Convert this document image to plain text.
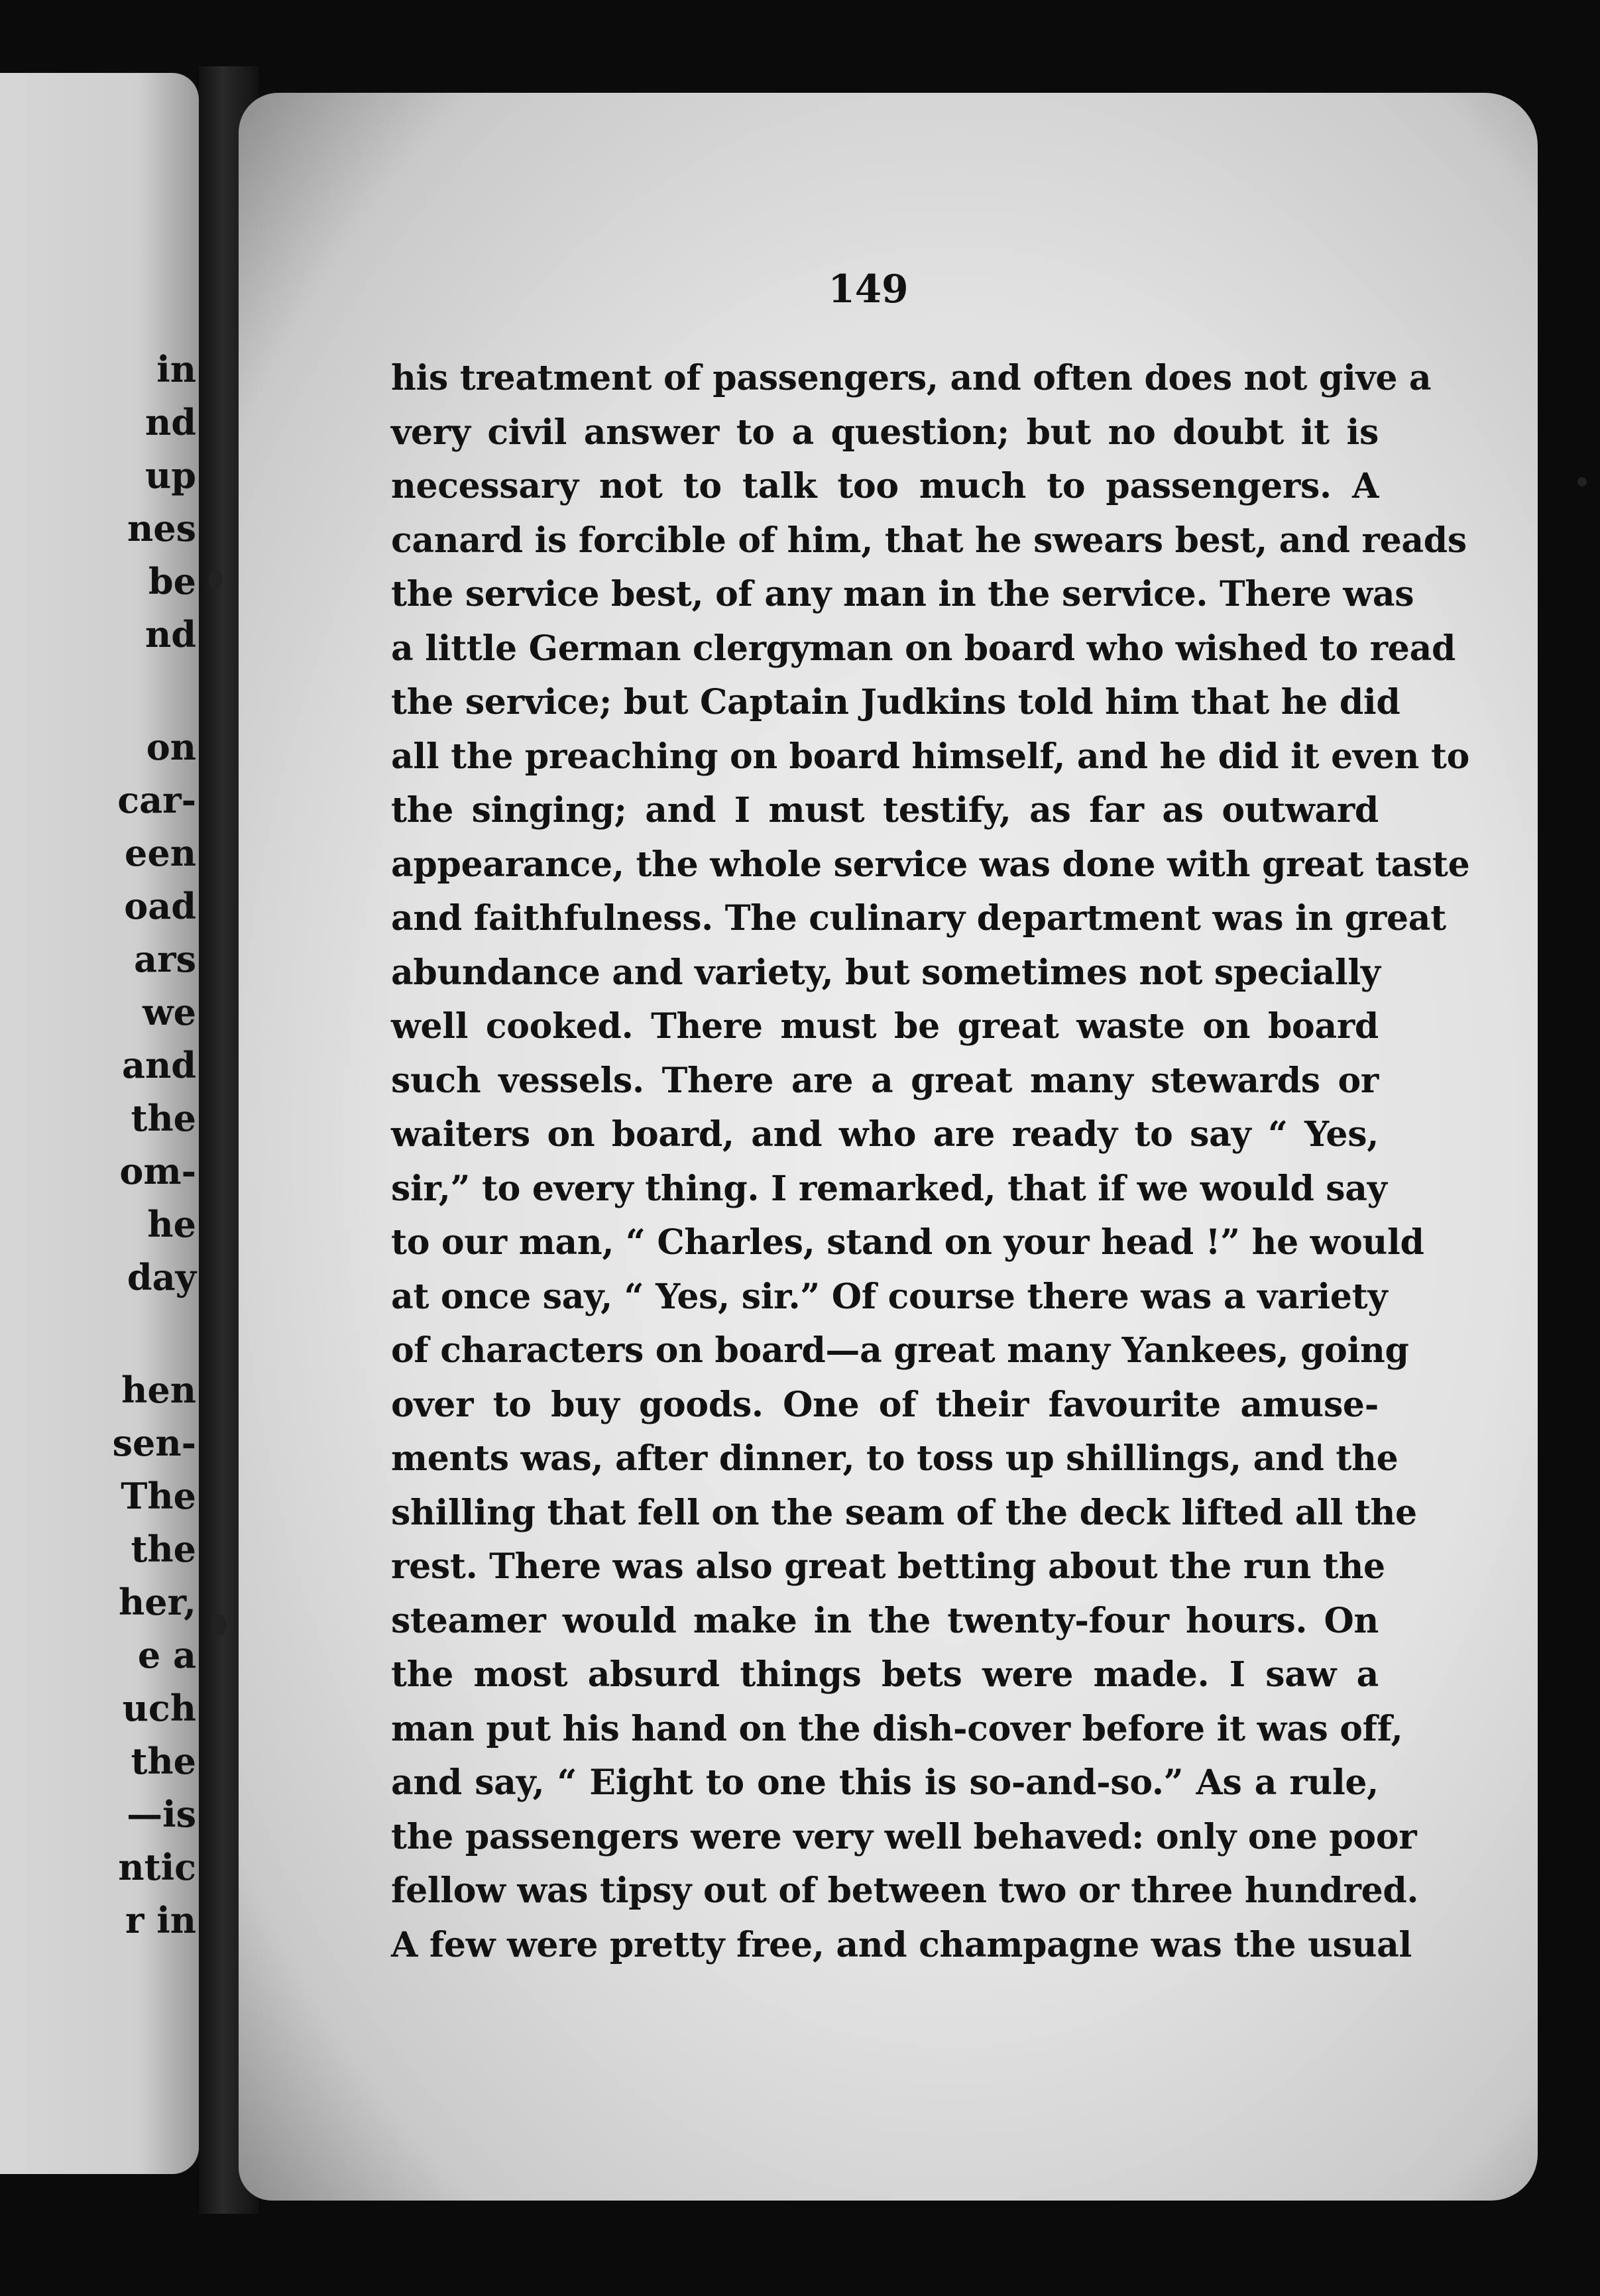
in
nd
up
nes
be
nd
on
car-
een
oad
ars
we
and
the
om-
he
day
hen
sen-
The
the
her,
e a
uch
the
—is
ntic
r in
149
his treatment of passengers, and often does not give a
very civil answer to a question; but no doubt it is
necessary not to talk too much to passengers. A
canard is forcible of him, that he swears best, and reads
the service best, of any man in the service. There was
a little German clergyman on board who wished to read
the service; but Captain Judkins told him that he did
all the preaching on board himself, and he did it even to
the singing; and I must testify, as far as outward
appearance, the whole service was done with great taste
and faithfulness. The culinary department was in great
abundance and variety, but sometimes not specially
well cooked. There must be great waste on board
such vessels. There are a great many stewards or
waiters on board, and who are ready to say “ Yes,
sir,” to every thing. I remarked, that if we would say
to our man, “ Charles, stand on your head !” he would
at once say, “ Yes, sir.” Of course there was a variety
of characters on board—a great many Yankees, going
over to buy goods. One of their favourite amuse-
ments was, after dinner, to toss up shillings, and the
shilling that fell on the seam of the deck lifted all the
rest. There was also great betting about the run the
steamer would make in the twenty-four hours. On
the most absurd things bets were made. I saw a
man put his hand on the dish-cover before it was off,
and say, “ Eight to one this is so-and-so.” As a rule,
the passengers were very well behaved: only one poor
fellow was tipsy out of between two or three hundred.
A few were pretty free, and champagne was the usual
